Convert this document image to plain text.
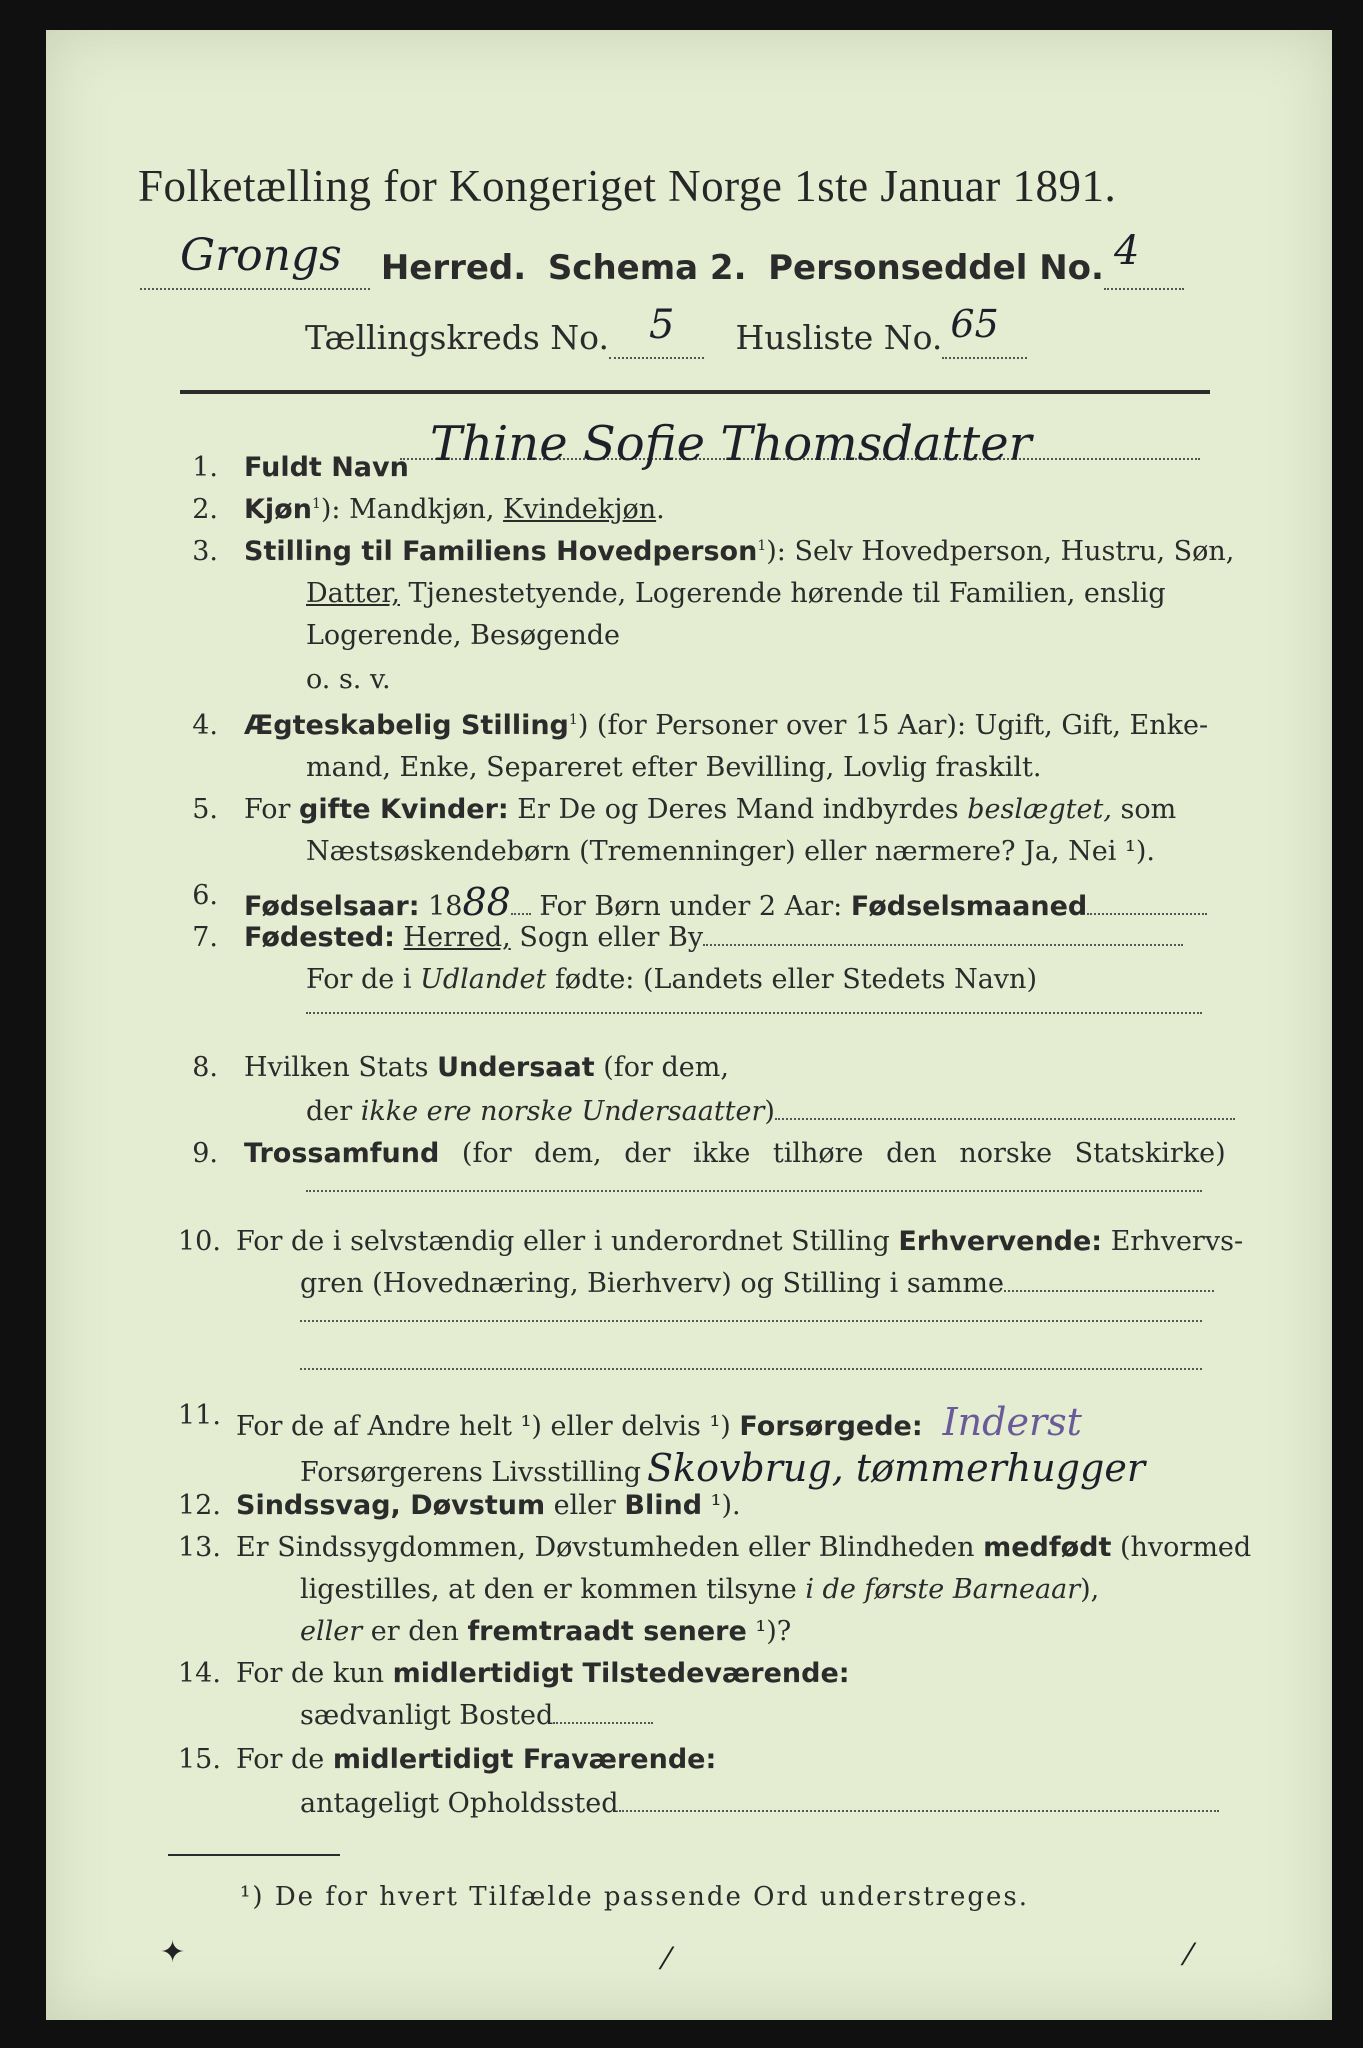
Folketælling for Kongeriget Norge 1ste Januar 1891.
Grongs Herred. Schema 2. Personseddel No. 4

Tællingskreds No. 5 Husliste No. 65

1. Fuldt Navn Thine Sofie Thomsdatter
2. Kjøn$^1$): Mandkjøn, Kvindekjøn.
3. Stilling til Familiens Hovedperson$^1$): Selv Hovedperson, Hustru, Søn,
Datter, Tjenestetyende, Logerende hørende til Familien, enslig
Logerende, Besøgende
o. s. v.
4. Ægteskabelig Stilling$^1$) (for Personer over 15 Aar): Ugift, Gift, Enke-
mand, Enke, Separeret efter Bevilling, Lovlig fraskilt.
5. For gifte Kvinder: Er De og Deres Mand indbyrdes beslægtet, som
Næstsøskendebørn (Tremenninger) eller nærmere? Ja, Nei ¹).
6. Fødselsaar: 1888 For Børn under 2 Aar: Fødselsmaaned
7. Fødested: Herred, Sogn eller By
For de i Udlandet fødte: (Landets eller Stedets Navn)
8. Hvilken Stats Undersaat (for dem,
der ikke ere norske Undersaatter)
9. Trossamfund (for dem, der ikke tilhøre den norske Statskirke)
10. For de i selvstændig eller i underordnet Stilling Erhvervende: Erhvervs-
gren (Hovednæring, Bierhverv) og Stilling i samme
11. For de af Andre helt ¹) eller delvis ¹) Forsørgede: Inderst
Forsørgerens Livsstilling Skovbrug, tømmerhugger
12. Sindssvag, Døvstum eller Blind ¹).
13. Er Sindssygdommen, Døvstumheden eller Blindheden medfødt (hvormed
ligestilles, at den er kommen tilsyne i de første Barneaar),
eller er den fremtraadt senere ¹)?
14. For de kun midlertidigt Tilstedeværende:
sædvanligt Bosted
15. For de midlertidigt Fraværende:
antageligt Opholdssted
¹) De for hvert Tilfælde passende Ord understreges.
✦	⁄	⁄
